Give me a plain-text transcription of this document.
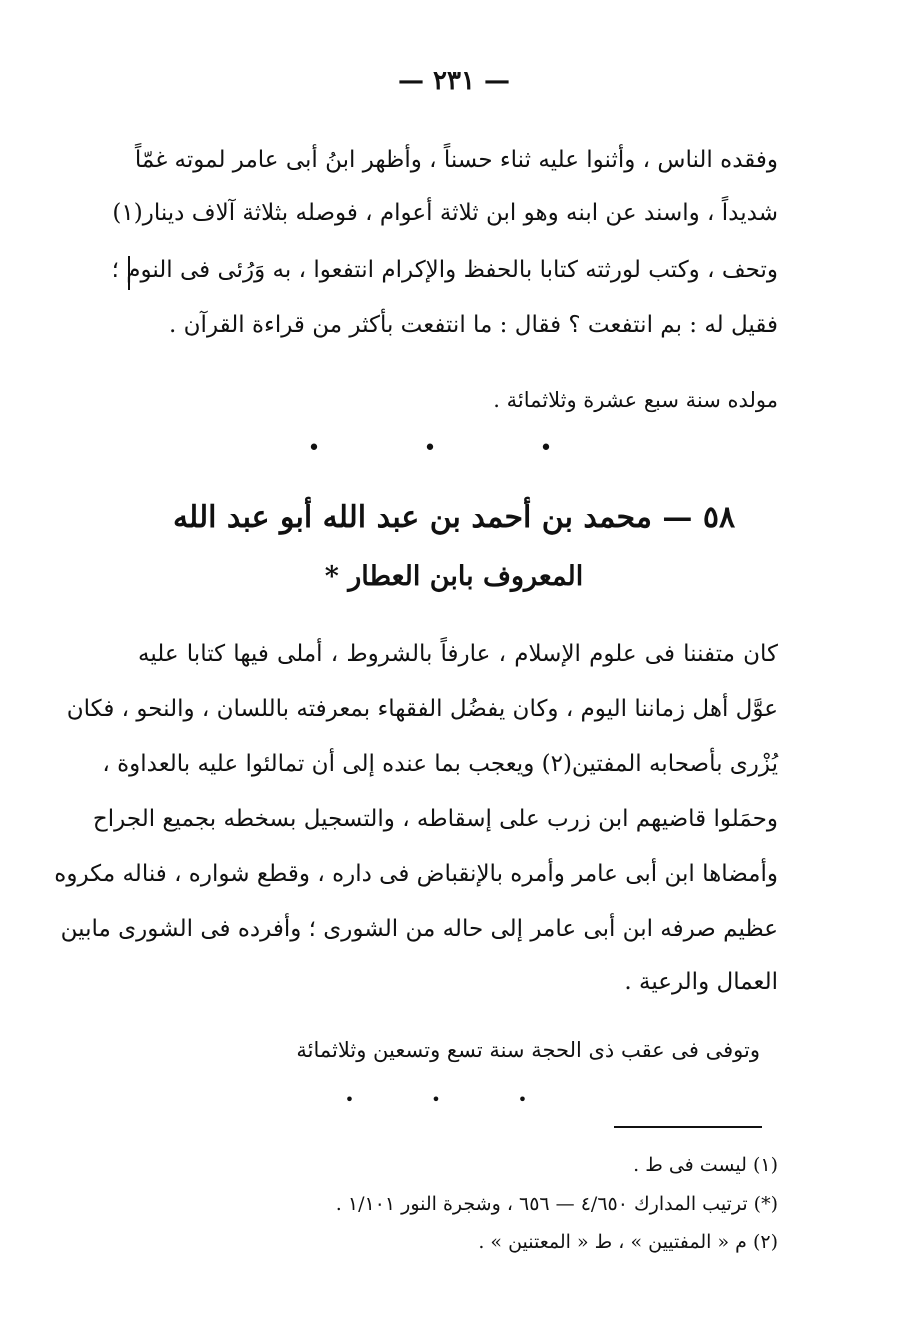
— ٢٣١ —
وفقده الناس ، وأثنوا عليه ثناء حسناً ، وأظهر ابنُ أبى عامر لموته غمّاً
شديداً ، واسند عن ابنه وهو ابن ثلاثة أعوام ، فوصله بثلاثة آلاف دينار(١)
وتحف ، وكتب لورثته كتابا بالحفظ والإكرام انتفعوا ، به وَرُئى فى النوم ؛
فقيل له : بم انتفعت ؟ فقال : ما انتفعت بأكثر من قراءة القرآن .
مولده سنة سبع عشرة وثلاثمائة .
• • •
٥٨ — محمد بن أحمد بن عبد الله أبو عبد الله
المعروف بابن العطار *
كان متفننا فى علوم الإسلام ، عارفاً بالشروط ، أملى فيها كتابا عليه
عوَّل أهل زماننا اليوم ، وكان يفضُل الفقهاء بمعرفته باللسان ، والنحو ، فكان
يُزْرى بأصحابه المفتين(٢) ويعجب بما عنده إلى أن تمالئوا عليه بالعداوة ،
وحمَلوا قاضيهم ابن زرب على إسقاطه ، والتسجيل بسخطه بجميع الجراح
وأمضاها ابن أبى عامر وأمره بالإنقباض فى داره ، وقطع شواره ، فناله مكروه
عظيم صرفه ابن أبى عامر إلى حاله من الشورى ؛ وأفرده فى الشورى مابين
العمال والرعية .
وتوفى فى عقب ذى الحجة سنة تسع وتسعين وثلاثمائة
• • •
(١) ليست فى ط .
(*) ترتيب المدارك ٤/٦٥٠ — ٦٥٦ ، وشجرة النور ١/١٠١ .
(٢) م « المفتيين » ، ط « المعتنين » .
